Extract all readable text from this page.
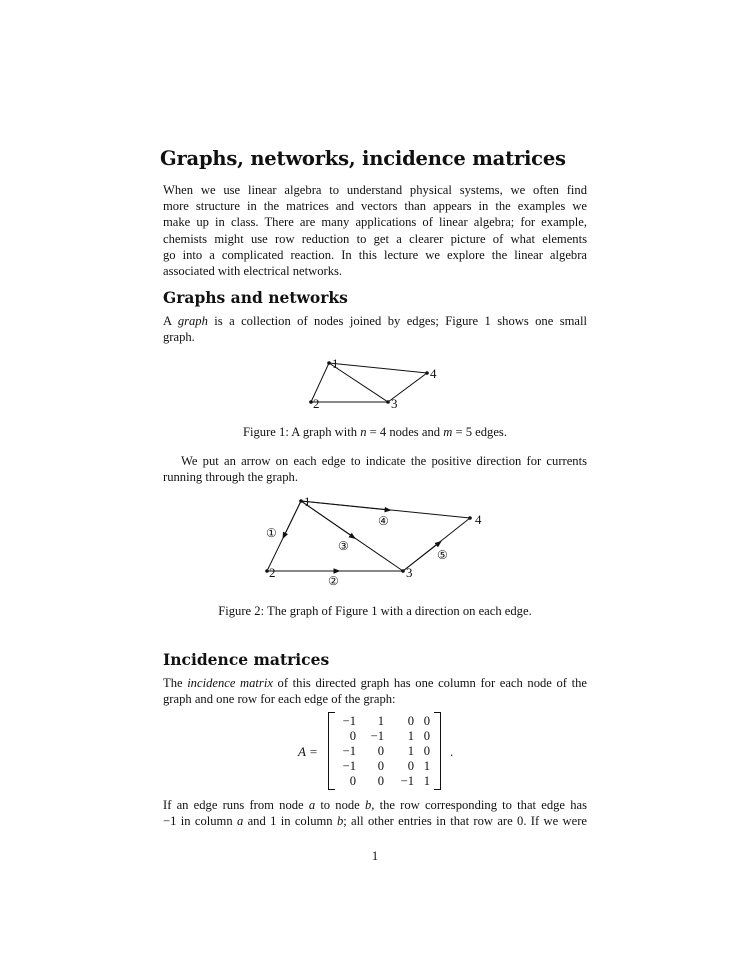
Graphs, networks, incidence matrices
When we use linear algebra to understand physical systems, we often find
more structure in the matrices and vectors than appears in the examples we
make up in class. There are many applications of linear algebra; for example,
chemists might use row reduction to get a clearer picture of what elements
go into a complicated reaction. In this lecture we explore the linear algebra
associated with electrical networks.
Graphs and networks
A graph is a collection of nodes joined by edges; Figure 1 shows one small
graph.
1
2	3
4
Figure 1: A graph with n = 4 nodes and m = 5 edges.
We put an arrow on each edge to indicate the positive direction for currents
running through the graph.
1
2	3
4
①
②
③
④
⑤
Figure 2: The graph of Figure 1 with a direction on each edge.
Incidence matrices
The incidence matrix of this directed graph has one column for each node of the
graph and one row for each edge of the graph:
A =
−1	1	0 0
0	−1	1 0
−1	0	1 0
−1	0	0 1
0	0	−1 1
.
If an edge runs from node a to node b, the row corresponding to that edge has
−1 in column a and 1 in column b; all other entries in that row are 0. If we were
1
